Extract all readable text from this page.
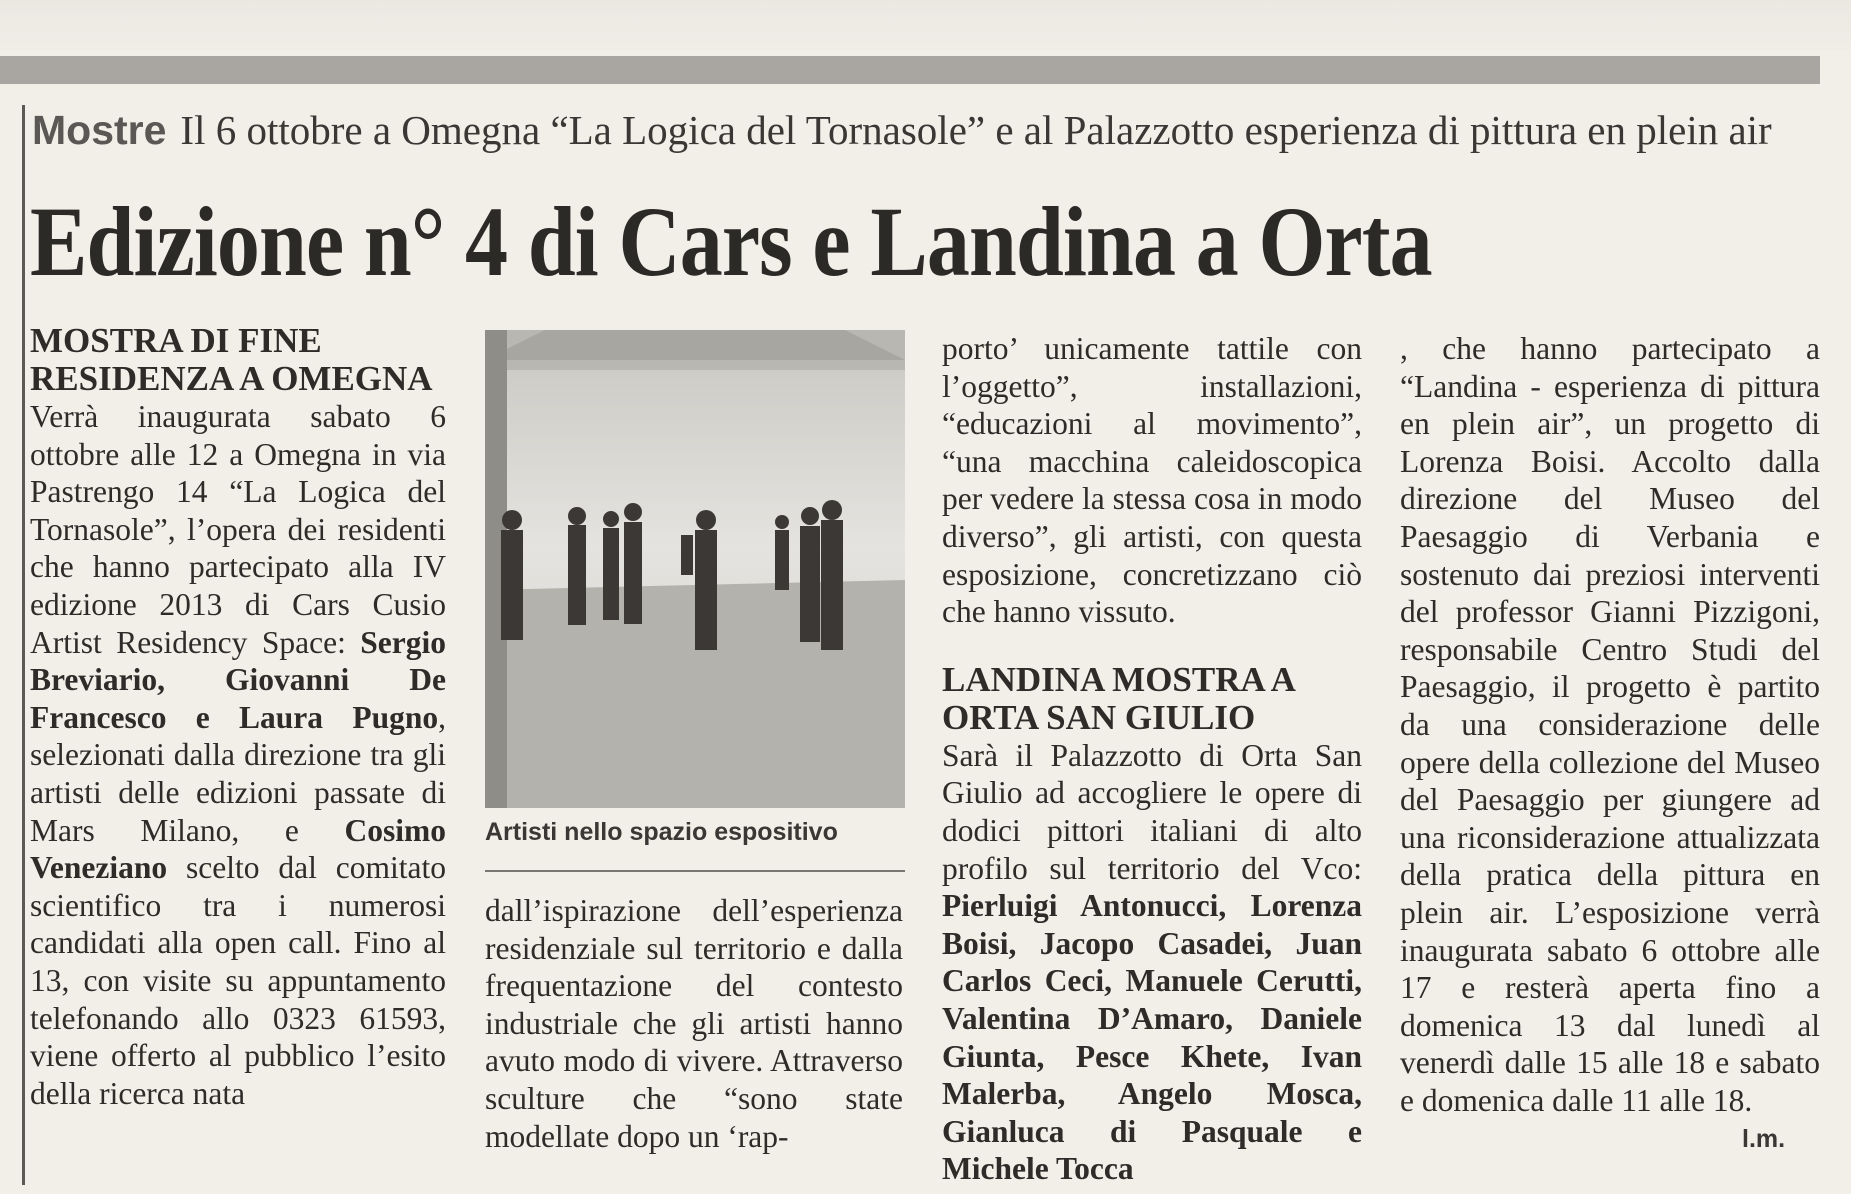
Mostre Il 6 ottobre a Omegna “La Logica del Tornasole” e al Palazzotto esperienza di pittura en plein air
Edizione n° 4 di Cars e Landina a Orta

MOSTRA DI FINE RESIDENZA A OMEGNA

Verrà inaugurata sabato 6 ottobre alle 12 a Omegna in via Pastrengo 14 “La Logica del Tornasole”, l’opera dei residenti che hanno partecipato alla IV edizione 2013 di Cars Cusio Artist Residency Space: Sergio Breviario, Giovanni De Francesco e Laura Pugno, selezionati dalla direzione tra gli artisti delle edizioni passate di Mars Milano, e Cosimo Veneziano scelto dal comitato scientifico tra i numerosi candidati alla open call. Fino al 13, con visite su appuntamento telefonando allo 0323 61593, viene offerto al pubblico l’esito della ricerca nata

Artisti nello spazio espositivo

dall’ispirazione dell’esperienza residenziale sul territorio e dalla frequentazione del contesto industriale che gli artisti hanno avuto modo di vivere. Attraverso sculture che “sono state modellate dopo un ‘rap-

porto’ unicamente tattile con l’oggetto”, installazioni, “educazioni al movimento”, “una macchina caleidoscopica per vedere la stessa cosa in modo diverso”, gli artisti, con questa esposizione, concretizzano ciò che hanno vissuto.

LANDINA MOSTRA A ORTA SAN GIULIO

Sarà il Palazzotto di Orta San Giulio ad accogliere le opere di dodici pittori italiani di alto profilo sul territorio del Vco: Pierluigi Antonucci, Lorenza Boisi, Jacopo Casadei, Juan Carlos Ceci, Manuele Cerutti, Valentina D’Amaro, Daniele Giunta, Pesce Khete, Ivan Malerba, Angelo Mosca, Gianluca di Pasquale e Michele Tocca

, che hanno partecipato a “Landina - esperienza di pittura en plein air”, un progetto di Lorenza Boisi. Accolto dalla direzione del Museo del Paesaggio di Verbania e sostenuto dai preziosi interventi del professor Gianni Pizzigoni, responsabile Centro Studi del Paesaggio, il progetto è partito da una considerazione delle opere della collezione del Museo del Paesaggio per giungere ad una riconsiderazione attualizzata della pratica della pittura en plein air. L’esposizione verrà inaugurata sabato 6 ottobre alle 17 e resterà aperta fino a domenica 13 dal lunedì al venerdì dalle 15 alle 18 e sabato e domenica dalle 11 alle 18.

l.m.
